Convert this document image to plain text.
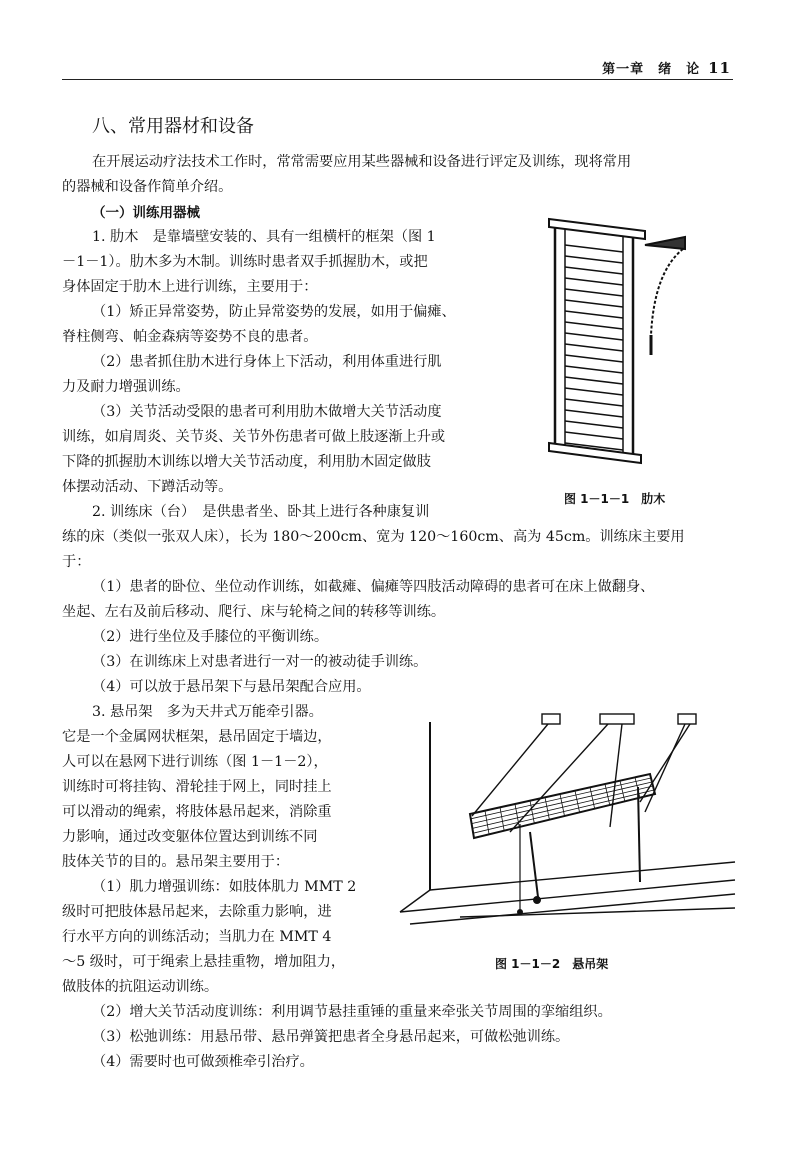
第一章　绪　论 11
八、常用器材和设备
在开展运动疗法技术工作时，常常需要应用某些器械和设备进行评定及训练，现将常用
的器械和设备作简单介绍。
（一）训练用器械
1. 肋木　是靠墙壁安装的、具有一组横杆的框架（图 1
－1－1）。肋木多为木制。训练时患者双手抓握肋木，或把
身体固定于肋木上进行训练，主要用于：
（1）矫正异常姿势，防止异常姿势的发展，如用于偏瘫、
脊柱侧弯、帕金森病等姿势不良的患者。
（2）患者抓住肋木进行身体上下活动，利用体重进行肌
力及耐力增强训练。
（3）关节活动受限的患者可利用肋木做增大关节活动度
训练，如肩周炎、关节炎、关节外伤患者可做上肢逐渐上升或
下降的抓握肋木训练以增大关节活动度，利用肋木固定做肢
体摆动活动、下蹲活动等。
2. 训练床（台）　是供患者坐、卧其上进行各种康复训
图 1－1－1　肋木
练的床（类似一张双人床），长为 180～200cm、宽为 120～160cm、高为 45cm。训练床主要用
于：
（1）患者的卧位、坐位动作训练，如截瘫、偏瘫等四肢活动障碍的患者可在床上做翻身、
坐起、左右及前后移动、爬行、床与轮椅之间的转移等训练。
（2）进行坐位及手膝位的平衡训练。
（3）在训练床上对患者进行一对一的被动徒手训练。
（4）可以放于悬吊架下与悬吊架配合应用。
3. 悬吊架　多为天井式万能牵引器。
它是一个金属网状框架，悬吊固定于墙边，
人可以在悬网下进行训练（图 1－1－2），
训练时可将挂钩、滑轮挂于网上，同时挂上
可以滑动的绳索，将肢体悬吊起来，消除重
力影响，通过改变躯体位置达到训练不同
肢体关节的目的。悬吊架主要用于：
（1）肌力增强训练：如肢体肌力 MMT 2
级时可把肢体悬吊起来，去除重力影响，进
行水平方向的训练活动；当肌力在 MMT 4
～5 级时，可于绳索上悬挂重物，增加阻力，
做肢体的抗阻运动训练。
图 1－1－2　悬吊架
（2）增大关节活动度训练：利用调节悬挂重锤的重量来牵张关节周围的挛缩组织。
（3）松弛训练：用悬吊带、悬吊弹簧把患者全身悬吊起来，可做松弛训练。
（4）需要时也可做颈椎牵引治疗。
